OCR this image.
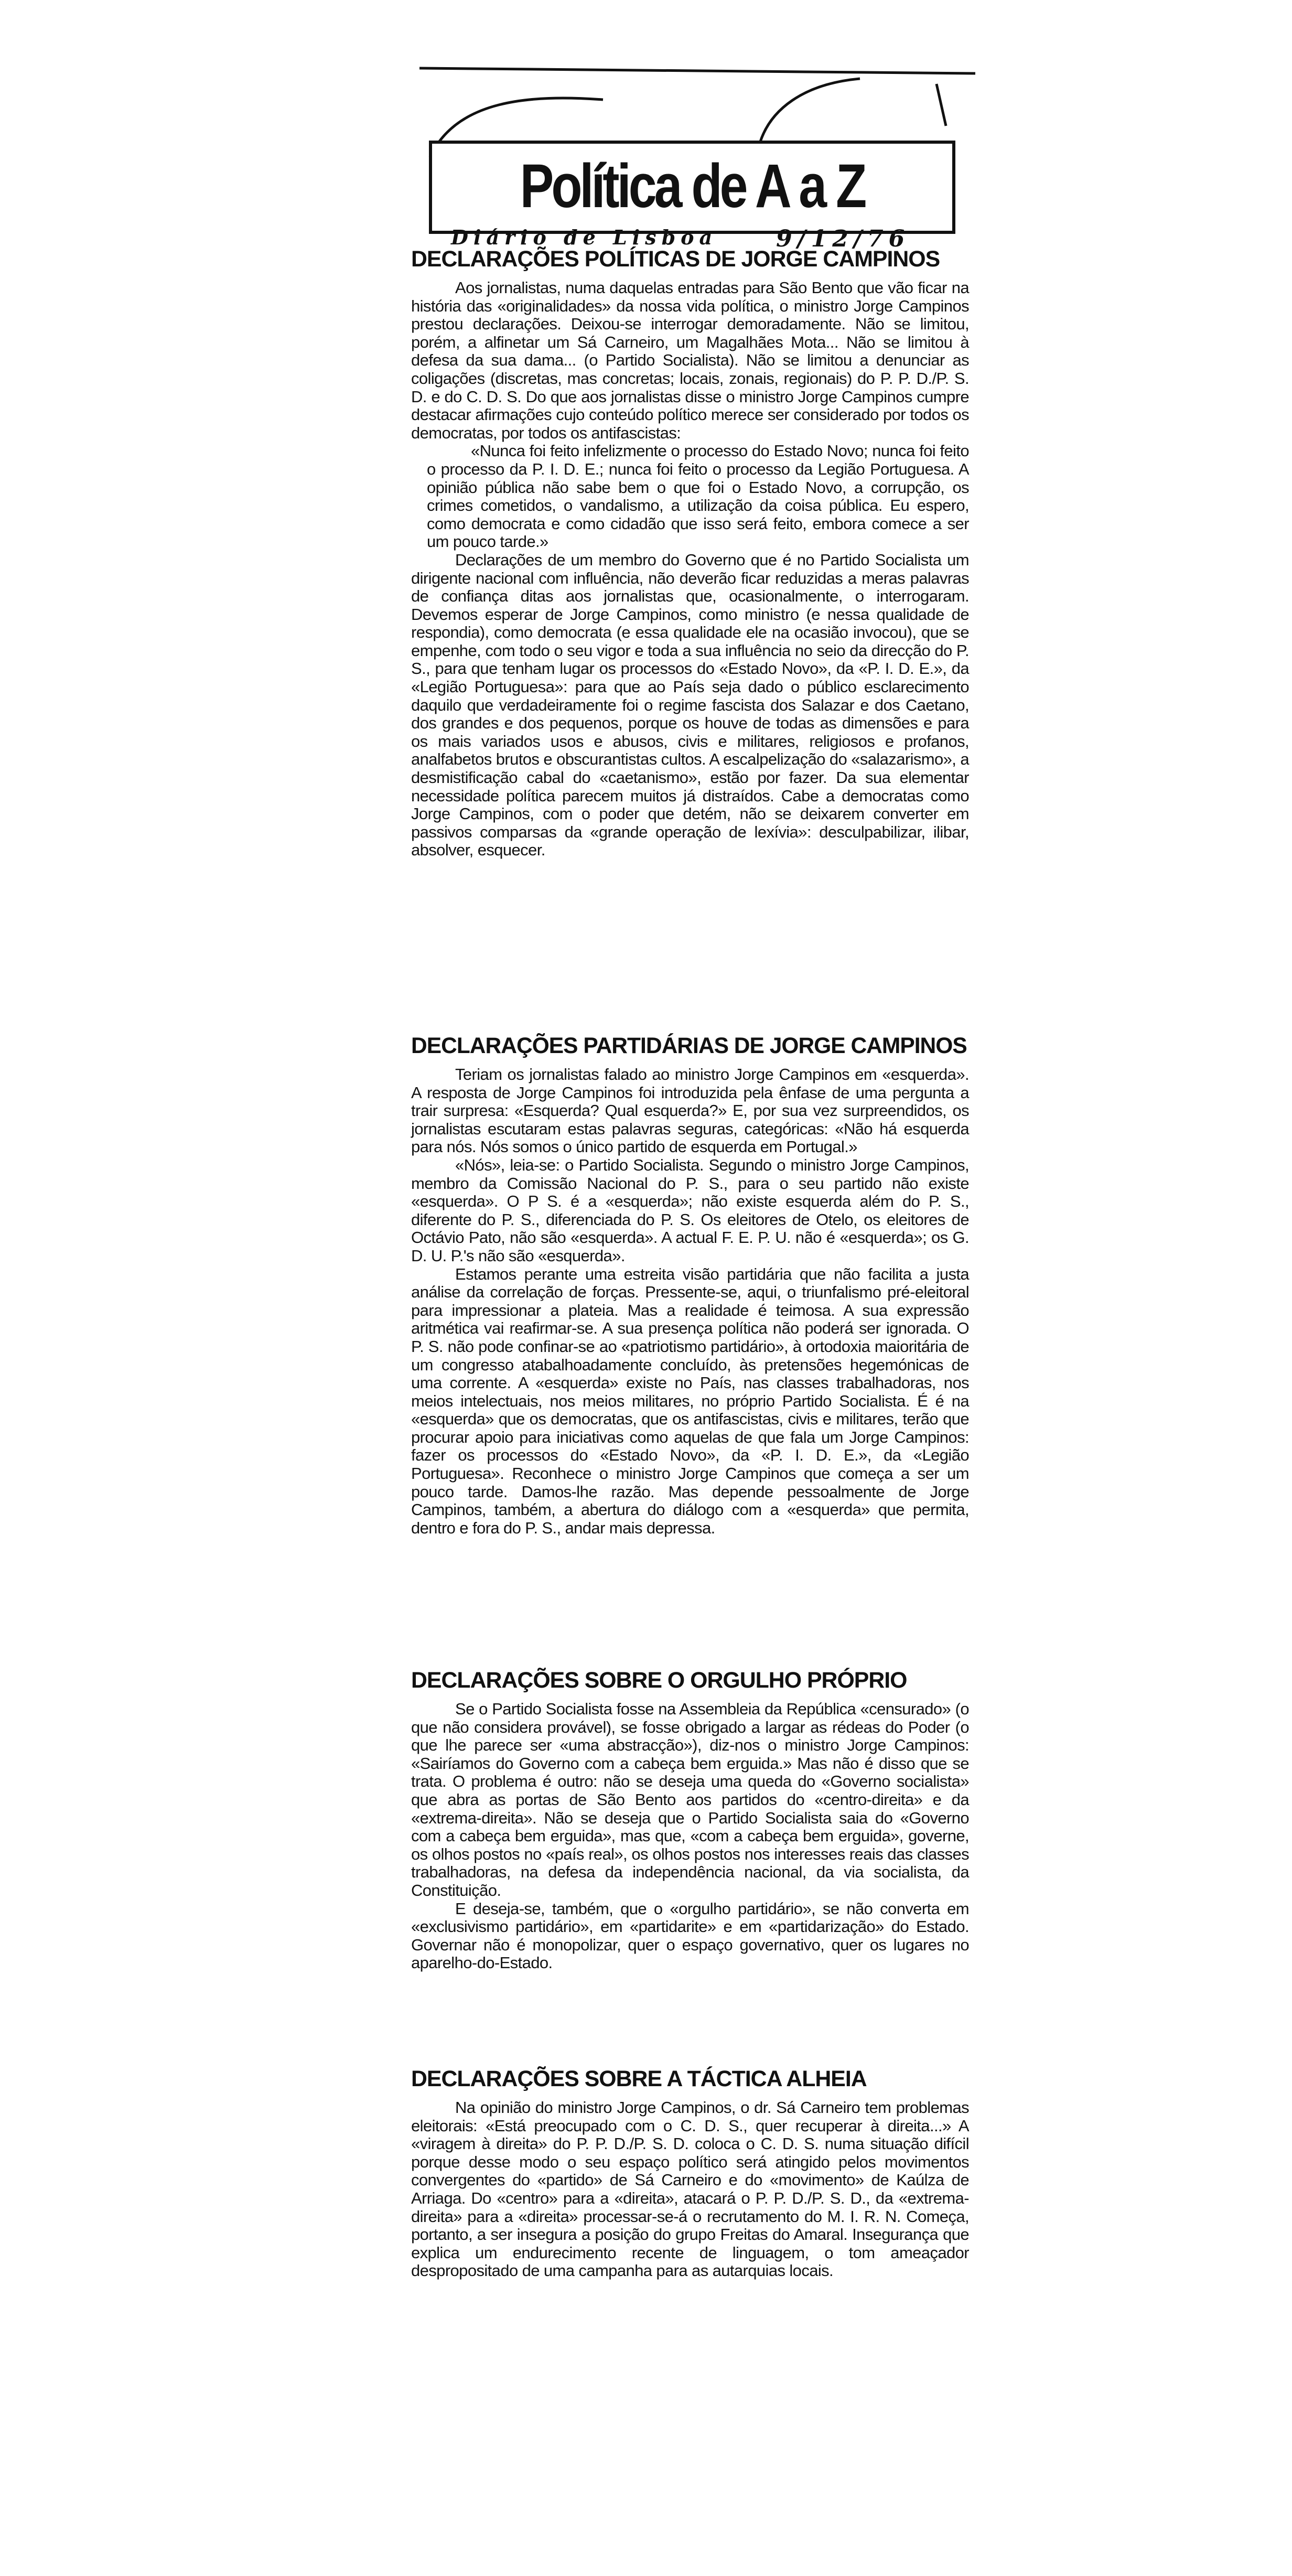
Política de A a Z
Diário de Lisboa	9/12/76
DECLARAÇÕES POLÍTICAS DE JORGE CAMPINOS

Aos jornalistas, numa daquelas entradas para São Bento que vão ficar na história das «originalidades» da nossa vida política, o ministro Jorge Campinos prestou declarações. Deixou-se interrogar demoradamente. Não se limitou, porém, a alfinetar um Sá Carneiro, um Magalhães Mota... Não se limitou à defesa da sua dama... (o Partido Socialista). Não se limitou a denunciar as coligações (discretas, mas concretas; locais, zonais, regionais) do P. P. D./P. S. D. e do C. D. S. Do que aos jornalistas disse o ministro Jorge Campinos cumpre destacar afirmações cujo conteúdo político merece ser considerado por todos os democratas, por todos os antifascistas:

«Nunca foi feito infelizmente o processo do Estado Novo; nunca foi feito o processo da P. I. D. E.; nunca foi feito o processo da Legião Portuguesa. A opinião pública não sabe bem o que foi o Estado Novo, a corrupção, os crimes cometidos, o vandalismo, a utilização da coisa pública. Eu espero, como democrata e como cidadão que isso será feito, embora comece a ser um pouco tarde.»

Declarações de um membro do Governo que é no Partido Socialista um dirigente nacional com influência, não deverão ficar reduzidas a meras palavras de confiança ditas aos jornalistas que, ocasionalmente, o interrogaram. Devemos esperar de Jorge Campinos, como ministro (e nessa qualidade de respondia), como democrata (e essa qualidade ele na ocasião invocou), que se empenhe, com todo o seu vigor e toda a sua influência no seio da direcção do P. S., para que tenham lugar os processos do «Estado Novo», da «P. I. D. E.», da «Legião Portuguesa»: para que ao País seja dado o público esclarecimento daquilo que verdadeiramente foi o regime fascista dos Salazar e dos Caetano, dos grandes e dos pequenos, porque os houve de todas as dimensões e para os mais variados usos e abusos, civis e militares, religiosos e profanos, analfabetos brutos e obscurantistas cultos. A escalpelização do «salazarismo», a desmistificação cabal do «caetanismo», estão por fazer. Da sua elementar necessidade política parecem muitos já distraídos. Cabe a democratas como Jorge Campinos, com o poder que detém, não se deixarem converter em passivos comparsas da «grande operação de lexívia»: desculpabilizar, ilibar, absolver, esquecer.

DECLARAÇÕES PARTIDÁRIAS DE JORGE CAMPINOS

Teriam os jornalistas falado ao ministro Jorge Campinos em «esquerda». A resposta de Jorge Campinos foi introduzida pela ênfase de uma pergunta a trair surpresa: «Esquerda? Qual esquerda?» E, por sua vez surpreendidos, os jornalistas escutaram estas palavras seguras, categóricas: «Não há esquerda para nós. Nós somos o único partido de esquerda em Portugal.»

«Nós», leia-se: o Partido Socialista. Segundo o ministro Jorge Campinos, membro da Comissão Nacional do P. S., para o seu partido não existe «esquerda». O P S. é a «esquerda»; não existe esquerda além do P. S., diferente do P. S., diferenciada do P. S. Os eleitores de Otelo, os eleitores de Octávio Pato, não são «esquerda». A actual F. E. P. U. não é «esquerda»; os G. D. U. P.'s não são «esquerda».

Estamos perante uma estreita visão partidária que não facilita a justa análise da correlação de forças. Pressente-se, aqui, o triunfalismo pré-eleitoral para impressionar a plateia. Mas a realidade é teimosa. A sua expressão aritmética vai reafirmar-se. A sua presença política não poderá ser ignorada. O P. S. não pode confinar-se ao «patriotismo partidário», à ortodoxia maioritária de um congresso atabalhoadamente concluído, às pretensões hegemónicas de uma corrente. A «esquerda» existe no País, nas classes trabalhadoras, nos meios intelectuais, nos meios militares, no próprio Partido Socialista. É é na «esquerda» que os democratas, que os antifascistas, civis e militares, terão que procurar apoio para iniciativas como aquelas de que fala um Jorge Campinos: fazer os processos do «Estado Novo», da «P. I. D. E.», da «Legião Portuguesa». Reconhece o ministro Jorge Campinos que começa a ser um pouco tarde. Damos-lhe razão. Mas depende pessoalmente de Jorge Campinos, também, a abertura do diálogo com a «esquerda» que permita, dentro e fora do P. S., andar mais depressa.

DECLARAÇÕES SOBRE O ORGULHO PRÓPRIO

Se o Partido Socialista fosse na Assembleia da República «censurado» (o que não considera provável), se fosse obrigado a largar as rédeas do Poder (o que lhe parece ser «uma abstracção»), diz-nos o ministro Jorge Campinos: «Sairíamos do Governo com a cabeça bem erguida.» Mas não é disso que se trata. O problema é outro: não se deseja uma queda do «Governo socialista» que abra as portas de São Bento aos partidos do «centro-direita» e da «extrema-direita». Não se deseja que o Partido Socialista saia do «Governo com a cabeça bem erguida», mas que, «com a cabeça bem erguida», governe, os olhos postos no «país real», os olhos postos nos interesses reais das classes trabalhadoras, na defesa da independência nacional, da via socialista, da Constituição.

E deseja-se, também, que o «orgulho partidário», se não converta em «exclusivismo partidário», em «partidarite» e em «partidarização» do Estado. Governar não é monopolizar, quer o espaço governativo, quer os lugares no aparelho-do-Estado.

DECLARAÇÕES SOBRE A TÁCTICA ALHEIA

Na opinião do ministro Jorge Campinos, o dr. Sá Carneiro tem problemas eleitorais: «Está preocupado com o C. D. S., quer recuperar à direita...» A «viragem à direita» do P. P. D./P. S. D. coloca o C. D. S. numa situação difícil porque desse modo o seu espaço político será atingido pelos movimentos convergentes do «partido» de Sá Carneiro e do «movimento» de Kaúlza de Arriaga. Do «centro» para a «direita», atacará o P. P. D./P. S. D., da «extrema-direita» para a «direita» processar-se-á o recrutamento do M. I. R. N. Começa, portanto, a ser insegura a posição do grupo Freitas do Amaral. Insegurança que explica um endurecimento recente de linguagem, o tom ameaçador despropositado de uma campanha para as autarquias locais.
